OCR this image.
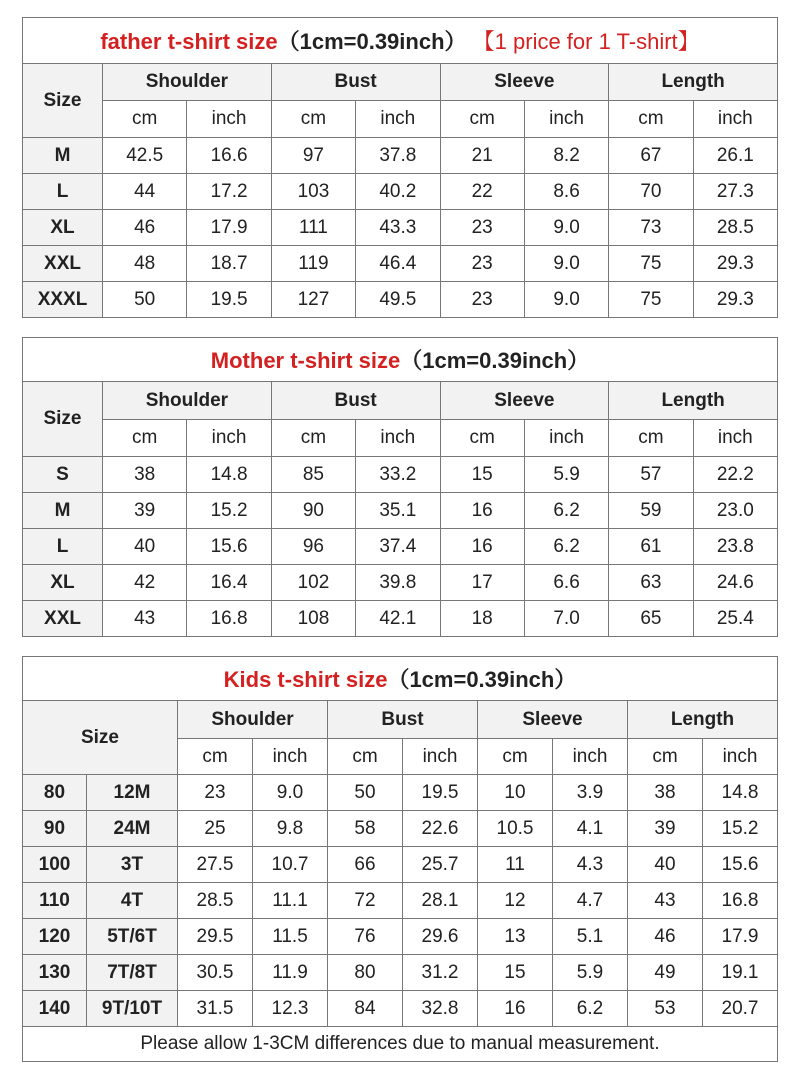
father t-shirt size（1cm=0.39inch） 【1 price for 1 T-shirt】								
Size	Shoulder		Bust		Sleeve		Length	
	cm	inch	cm	inch	cm	inch	cm	inch
M	42.5	16.6	97	37.8	21	8.2	67	26.1
L	44	17.2	103	40.2	22	8.6	70	27.3
XL	46	17.9	111	43.3	23	9.0	73	28.5
XXL	48	18.7	119	46.4	23	9.0	75	29.3
XXXL	50	19.5	127	49.5	23	9.0	75	29.3
Mother t-shirt size（1cm=0.39inch）								
Size	Shoulder		Bust		Sleeve		Length	
	cm	inch	cm	inch	cm	inch	cm	inch
S	38	14.8	85	33.2	15	5.9	57	22.2
M	39	15.2	90	35.1	16	6.2	59	23.0
L	40	15.6	96	37.4	16	6.2	61	23.8
XL	42	16.4	102	39.8	17	6.6	63	24.6
XXL	43	16.8	108	42.1	18	7.0	65	25.4
Kids t-shirt size（1cm=0.39inch）									
Size		Shoulder		Bust		Sleeve		Length	
		cm	inch	cm	inch	cm	inch	cm	inch
80	12M	23	9.0	50	19.5	10	3.9	38	14.8
90	24M	25	9.8	58	22.6	10.5	4.1	39	15.2
100	3T	27.5	10.7	66	25.7	11	4.3	40	15.6
110	4T	28.5	11.1	72	28.1	12	4.7	43	16.8
120	5T/6T	29.5	11.5	76	29.6	13	5.1	46	17.9
130	7T/8T	30.5	11.9	80	31.2	15	5.9	49	19.1
140	9T/10T	31.5	12.3	84	32.8	16	6.2	53	20.7
Please allow 1-3CM differences due to manual measurement.									
